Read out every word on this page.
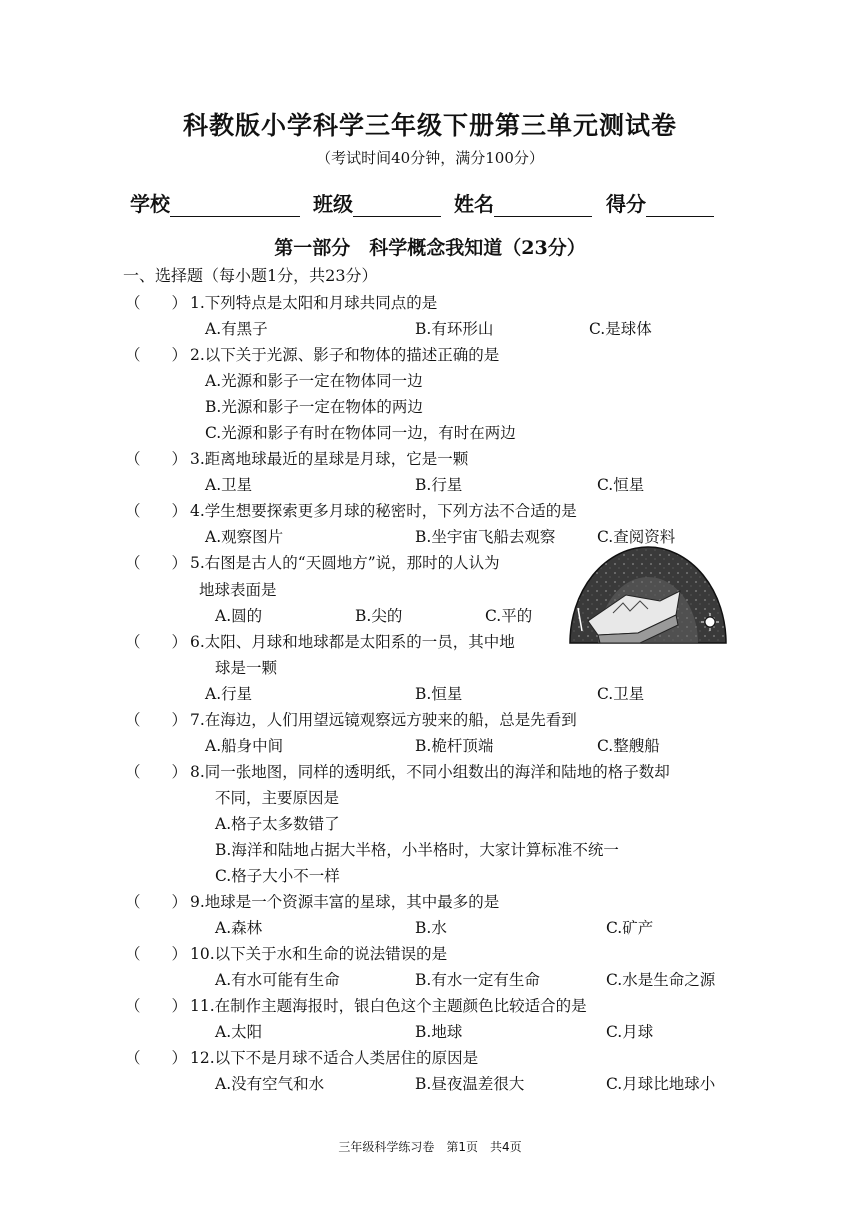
科教版小学科学三年级下册第三单元测试卷
（考试时间40分钟，满分100分）
学校	班级	姓名	得分
第一部分　科学概念我知道（23分）
一、选择题（每小题1分，共23分）
（　　） 1.下列特点是太阳和月球共同点的是
A.有黑子	B.有环形山	C.是球体
（　　） 2.以下关于光源、影子和物体的描述正确的是
A.光源和影子一定在物体同一边
B.光源和影子一定在物体的两边
C.光源和影子有时在物体同一边，有时在两边
（　　） 3.距离地球最近的星球是月球，它是一颗
A.卫星	B.行星	C.恒星
（　　） 4.学生想要探索更多月球的秘密时，下列方法不合适的是
A.观察图片	B.坐宇宙飞船去观察	C.查阅资料
（　　） 5.右图是古人的“天圆地方”说，那时的人认为
地球表面是
A.圆的	B.尖的	C.平的
（　　） 6.太阳、月球和地球都是太阳系的一员，其中地
球是一颗
A.行星	B.恒星	C.卫星
（　　） 7.在海边，人们用望远镜观察远方驶来的船，总是先看到
A.船身中间	B.桅杆顶端	C.整艘船
（　　） 8.同一张地图，同样的透明纸，不同小组数出的海洋和陆地的格子数却
不同，主要原因是
A.格子太多数错了
B.海洋和陆地占据大半格，小半格时，大家计算标准不统一
C.格子大小不一样
（　　） 9.地球是一个资源丰富的星球，其中最多的是
A.森林	B.水	C.矿产
（　　） 10.以下关于水和生命的说法错误的是
A.有水可能有生命	B.有水一定有生命	C.水是生命之源
（　　） 11.在制作主题海报时，银白色这个主题颜色比较适合的是
A.太阳	B.地球	C.月球
（　　） 12.以下不是月球不适合人类居住的原因是
A.没有空气和水	B.昼夜温差很大	C.月球比地球小
三年级科学练习卷　第1页　共4页
